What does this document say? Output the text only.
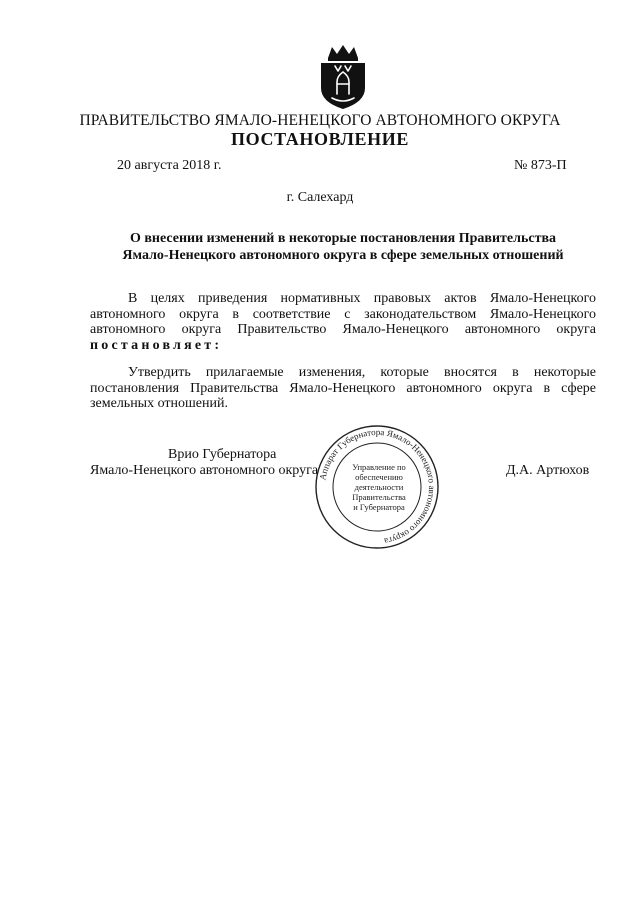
ПРАВИТЕЛЬСТВО ЯМАЛО-НЕНЕЦКОГО АВТОНОМНОГО ОКРУГА
ПОСТАНОВЛЕНИЕ
20 августа 2018 г.	№ 873-П
г. Салехард
О внесении изменений в некоторые постановления Правительства
Ямало-Ненецкого автономного округа в сфере земельных отношений
В целях приведения нормативных правовых актов Ямало-Ненецкого автономного округа в соответствие с законодательством Ямало-Ненецкого автономного округа Правительство Ямало-Ненецкого автономного округа постановляет:
Утвердить прилагаемые изменения, которые вносятся в некоторые постановления Правительства Ямало-Ненецкого автономного округа в сфере земельных отношений.
Врио Губернатора
Ямало-Ненецкого автономного округа	Д.А. Артюхов
Аппарат Губернатора Ямало-Ненецкого автономного округа
Управление по
обеспечению
деятельности
Правительства
и Губернатора
